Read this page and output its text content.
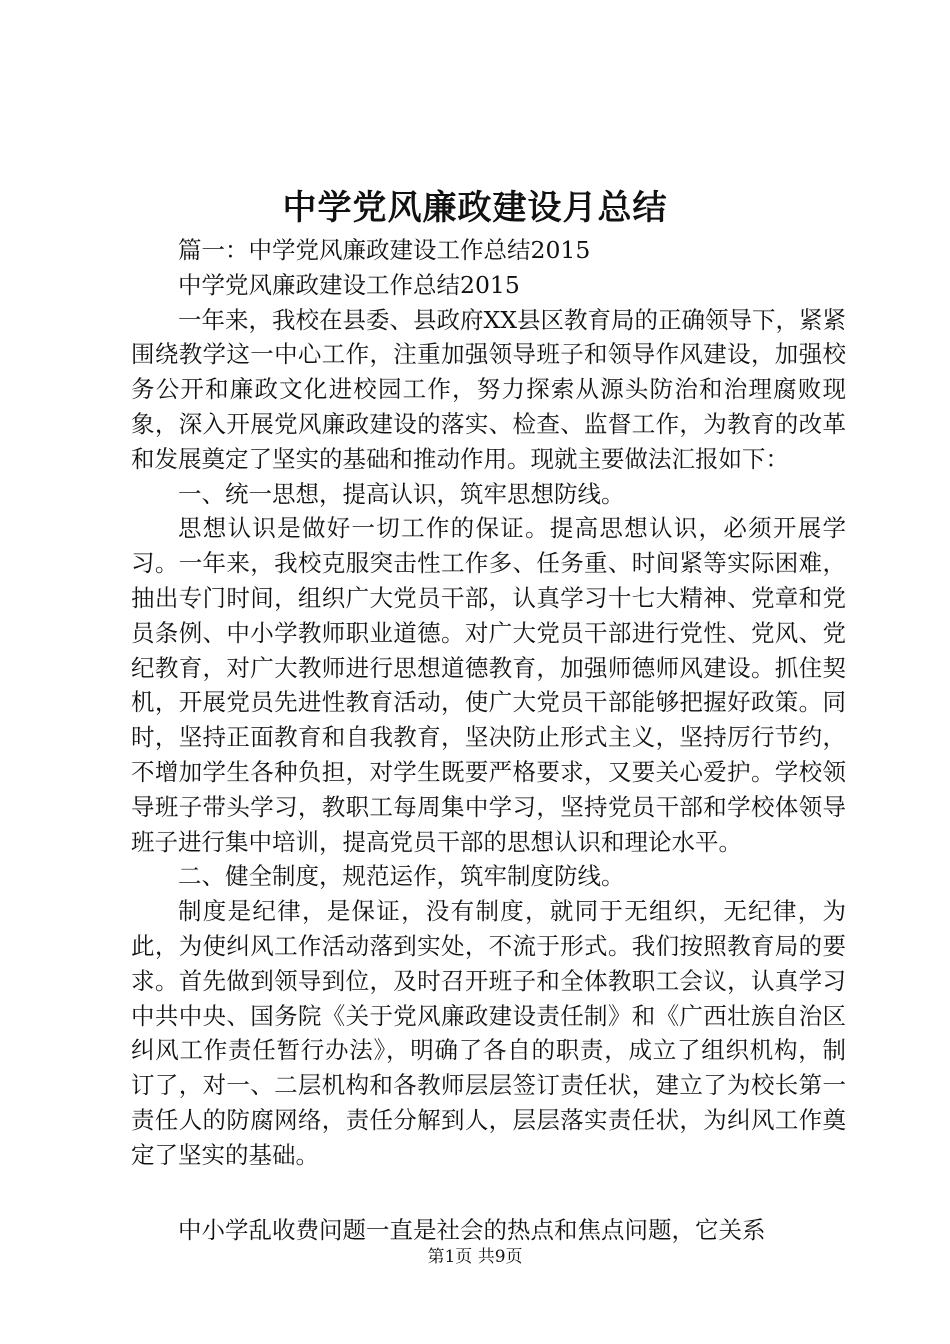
中学党风廉政建设月总结

篇一：中学党风廉政建设工作总结2015

中学党风廉政建设工作总结2015

一年来，我校在县委、县政府XX县区教育局的正确领导下，紧紧围绕教学这一中心工作，注重加强领导班子和领导作风建设，加强校务公开和廉政文化进校园工作，努力探索从源头防治和治理腐败现象，深入开展党风廉政建设的落实、检查、监督工作，为教育的改革和发展奠定了坚实的基础和推动作用。现就主要做法汇报如下：

一、统一思想，提高认识，筑牢思想防线。

思想认识是做好一切工作的保证。提高思想认识，必须开展学习。一年来，我校克服突击性工作多、任务重、时间紧等实际困难，抽出专门时间，组织广大党员干部，认真学习十七大精神、党章和党员条例、中小学教师职业道德。对广大党员干部进行党性、党风、党纪教育，对广大教师进行思想道德教育，加强师德师风建设。抓住契机，开展党员先进性教育活动，使广大党员干部能够把握好政策。同时，坚持正面教育和自我教育，坚决防止形式主义，坚持厉行节约，不增加学生各种负担，对学生既要严格要求，又要关心爱护。学校领导班子带头学习，教职工每周集中学习，坚持党员干部和学校体领导班子进行集中培训，提高党员干部的思想认识和理论水平。

二、健全制度，规范运作，筑牢制度防线。

制度是纪律，是保证，没有制度，就同于无组织，无纪律，为此，为使纠风工作活动落到实处，不流于形式。我们按照教育局的要求。首先做到领导到位，及时召开班子和全体教职工会议，认真学习中共中央、国务院《关于党风廉政建设责任制》和《广西壮族自治区纠风工作责任暂行办法》，明确了各自的职责，成立了组织机构，制订了，对一、二层机构和各教师层层签订责任状，建立了为校长第一责任人的防腐网络，责任分解到人，层层落实责任状，为纠风工作奠定了坚实的基础。

中小学乱收费问题一直是社会的热点和焦点问题，它关系

第1页 共9页
